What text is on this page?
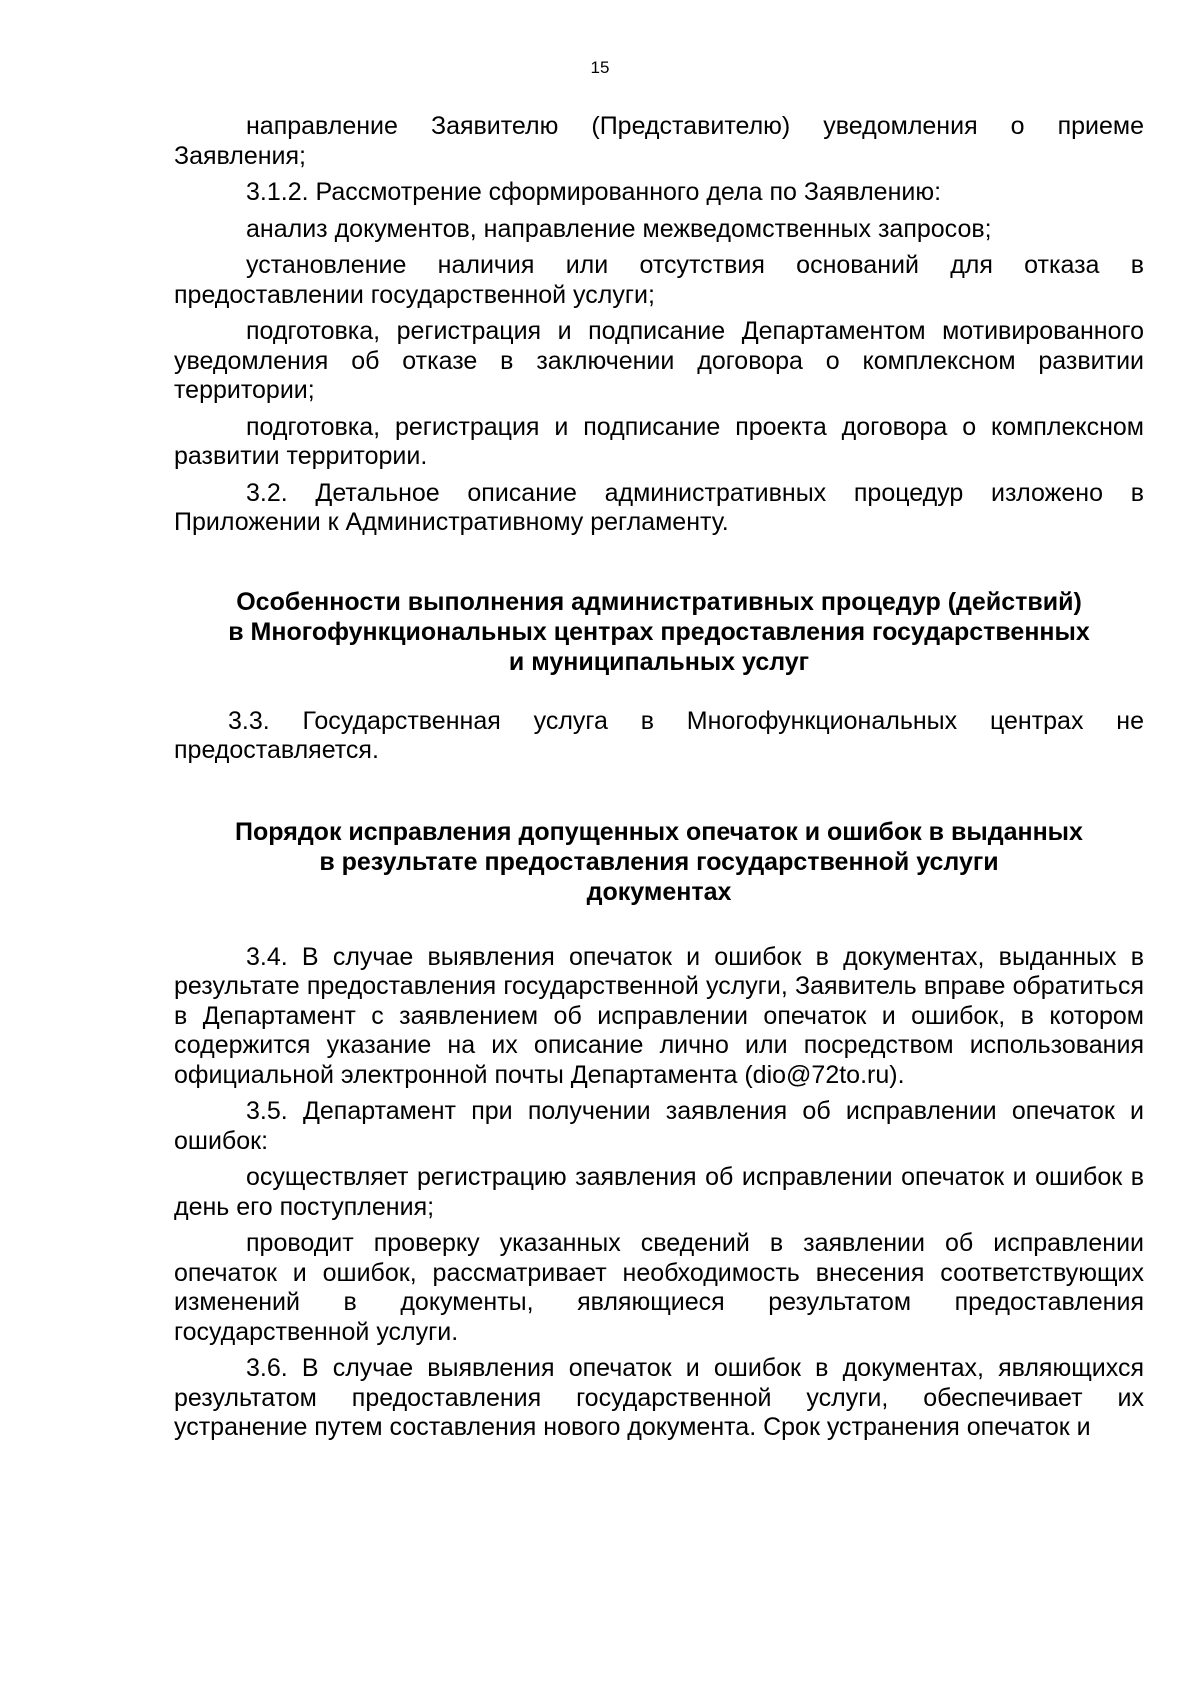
15

направление Заявителю (Представителю) уведомления о приеме Заявления;

3.1.2. Рассмотрение сформированного дела по Заявлению:

анализ документов, направление межведомственных запросов;

установление наличия или отсутствия оснований для отказа в предоставлении государственной услуги;

подготовка, регистрация и подписание Департаментом мотивированного уведомления об отказе в заключении договора о комплексном развитии территории;

подготовка, регистрация и подписание проекта договора о комплексном развитии территории.

3.2. Детальное описание административных процедур изложено в Приложении к Административному регламенту.

Особенности выполнения административных процедур (действий)
в Многофункциональных центрах предоставления государственных
и муниципальных услуг

3.3. Государственная услуга в Многофункциональных центрах не предоставляется.

Порядок исправления допущенных опечаток и ошибок в выданных
в результате предоставления государственной услуги
документах

3.4. В случае выявления опечаток и ошибок в документах, выданных в результате предоставления государственной услуги, Заявитель вправе обратиться в Департамент с заявлением об исправлении опечаток и ошибок, в котором содержится указание на их описание лично или посредством использования официальной электронной почты Департамента (dio@72to.ru).

3.5. Департамент при получении заявления об исправлении опечаток и ошибок:

осуществляет регистрацию заявления об исправлении опечаток и ошибок в день его поступления;

проводит проверку указанных сведений в заявлении об исправлении опечаток и ошибок, рассматривает необходимость внесения соответствующих изменений в документы, являющиеся результатом предоставления государственной услуги.

3.6. В случае выявления опечаток и ошибок в документах, являющихся результатом предоставления государственной услуги, обеспечивает их устранение путем составления нового документа. Срок устранения опечаток и
